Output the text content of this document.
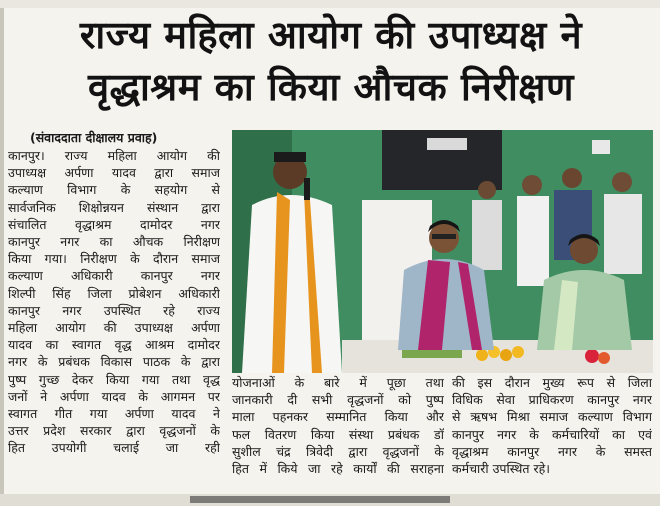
राज्य महिला आयोग की उपाध्यक्ष ने
वृद्धाश्रम का किया औचक निरीक्षण
(संवाददाता दीक्षालय प्रवाह)
कानपुर। राज्य महिला आयोग की
उपाध्यक्ष अर्पणा यादव द्वारा समाज
कल्याण विभाग के सहयोग से
सार्वजनिक शिक्षोन्नयन संस्थान द्वारा
संचालित वृद्धाश्रम दामोदर नगर
कानपुर नगर का औचक निरीक्षण
किया गया। निरीक्षण के दौरान समाज
कल्याण अधिकारी कानपुर नगर
शिल्पी सिंह जिला प्रोबेशन अधिकारी
कानपुर नगर उपस्थित रहे राज्य
महिला आयोग की उपाध्यक्ष अर्पणा
यादव का स्वागत वृद्ध आश्रम दामोदर
नगर के प्रबंधक विकास पाठक के द्वारा
पुष्प गुच्छ देकर किया गया तथा वृद्ध
जनों ने अर्पणा यादव के आगमन पर
स्वागत गीत गया अर्पणा यादव ने
उत्तर प्रदेश सरकार द्वारा वृद्धजनों के
हित उपयोगी चलाई जा रही
योजनाओं के बारे में पूछा तथा
जानकारी दी सभी वृद्धजनों को पुष्प
माला पहनकर सम्मानित किया और
फल वितरण किया संस्था प्रबंधक डॉ
सुशील चंद्र त्रिवेदी द्वारा वृद्धजनों के
हित में किये जा रहे कार्यों की सराहना
की इस दौरान मुख्य रूप से जिला
विधिक सेवा प्राधिकरण कानपुर नगर
से ऋषभ मिश्रा समाज कल्याण विभाग
कानपुर नगर के कर्मचारियों का एवं
वृद्धाश्रम कानपुर नगर के समस्त
कर्मचारी उपस्थित रहे।
